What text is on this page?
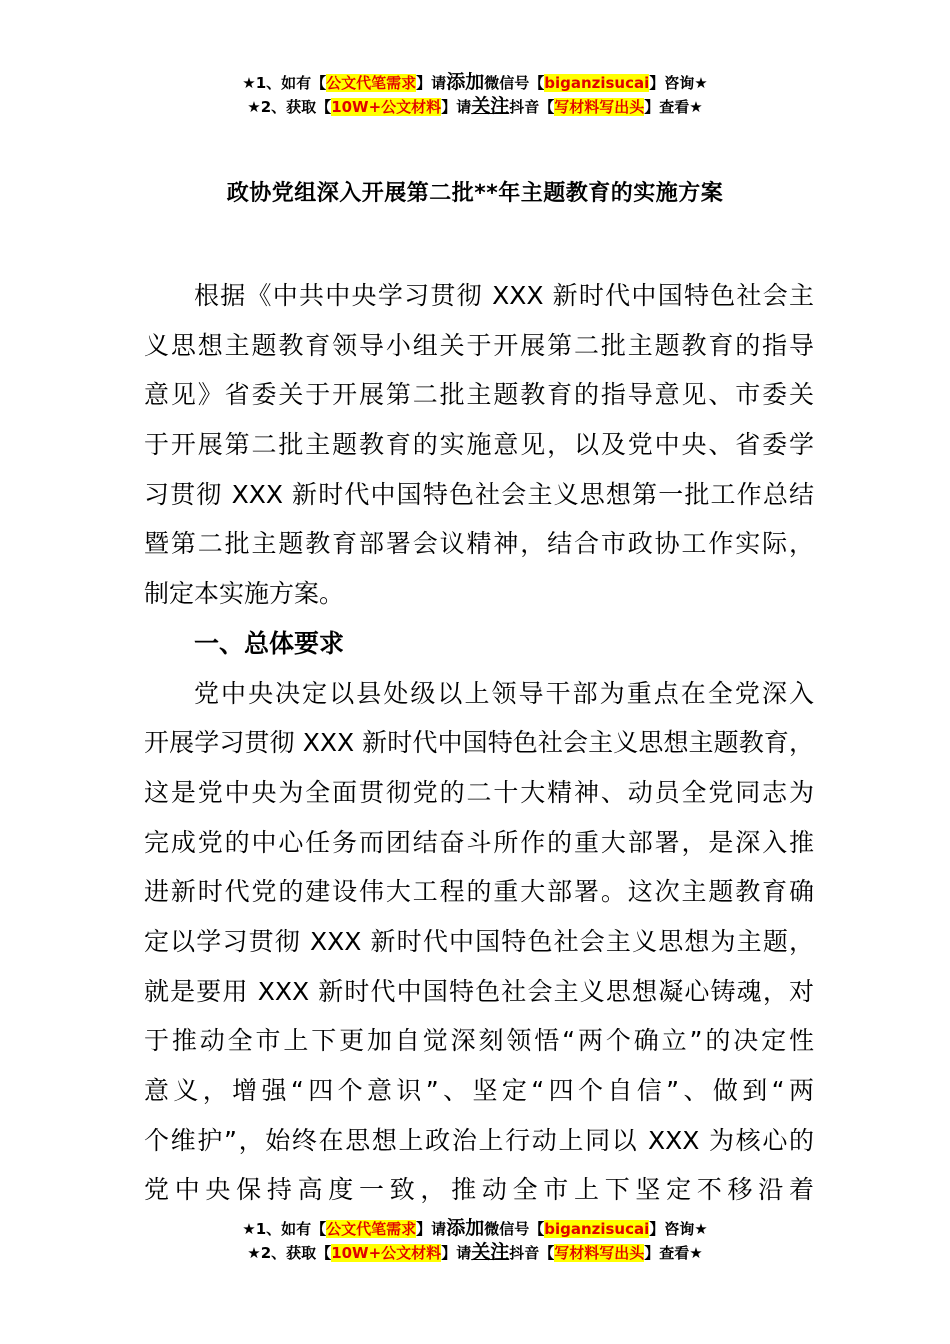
★1、如有【公文代笔需求】请添加微信号【biganzisucai】咨询★
★2、获取【10W+公文材料】请关注抖音【写材料写出头】查看★
政协党组深入开展第二批**年主题教育的实施方案
根据《中共中央学习贯彻 XXX 新时代中国特色社会主
义思想主题教育领导小组关于开展第二批主题教育的指导
意见》省委关于开展第二批主题教育的指导意见、市委关
于开展第二批主题教育的实施意见，以及党中央、省委学
习贯彻 XXX 新时代中国特色社会主义思想第一批工作总结
暨第二批主题教育部署会议精神，结合市政协工作实际，
制定本实施方案。
一、总体要求
党中央决定以县处级以上领导干部为重点在全党深入
开展学习贯彻 XXX 新时代中国特色社会主义思想主题教育，
这是党中央为全面贯彻党的二十大精神、动员全党同志为
完成党的中心任务而团结奋斗所作的重大部署，是深入推
进新时代党的建设伟大工程的重大部署。这次主题教育确
定以学习贯彻 XXX 新时代中国特色社会主义思想为主题，
就是要用 XXX 新时代中国特色社会主义思想凝心铸魂，对
于推动全市上下更加自觉深刻领悟“两个确立”的决定性
意义，增强“四个意识”、坚定“四个自信”、做到“两
个维护”，始终在思想上政治上行动上同以 XXX 为核心的
党中央保持高度一致，推动全市上下坚定不移沿着
★1、如有【公文代笔需求】请添加微信号【biganzisucai】咨询★
★2、获取【10W+公文材料】请关注抖音【写材料写出头】查看★
